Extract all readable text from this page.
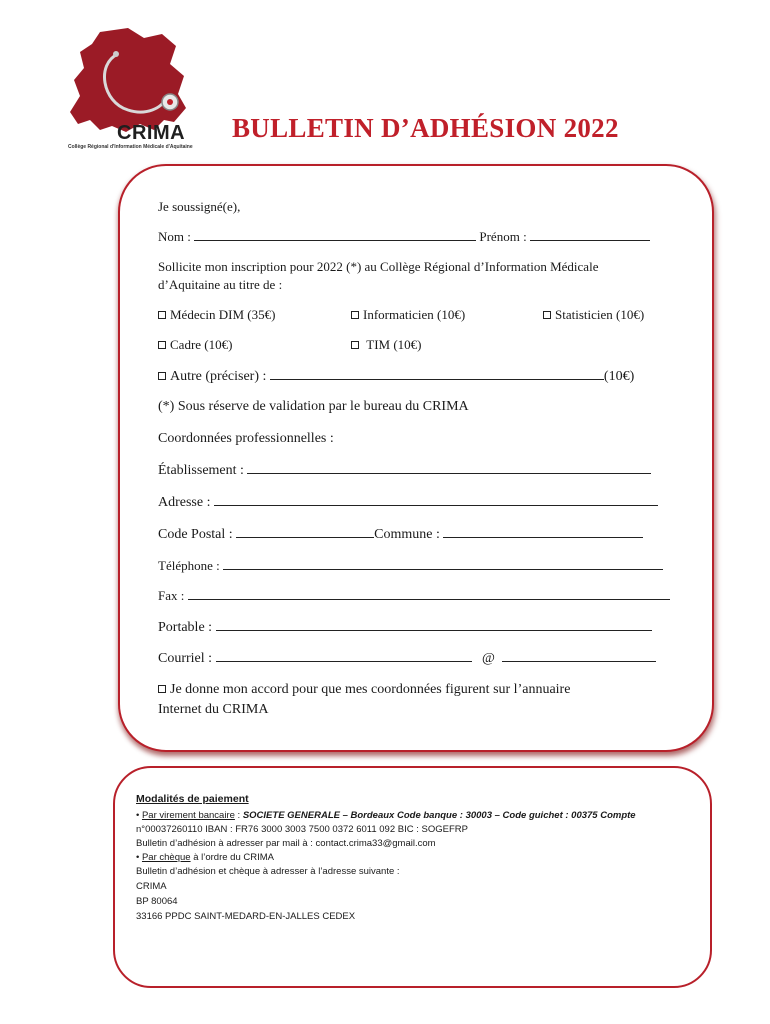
CRIMA
Collège Régional d'Information Médicale d'Aquitaine
BULLETIN D’ADHÉSION 2022
Je soussigné(e),
Nom :	Prénom :
Sollicite mon inscription pour 2022 (*) au Collège Régional d’Information Médicale
d’Aquitaine au titre de :
Médecin DIM (35€)	Informaticien (10€)	Statisticien (10€)
Cadre (10€)	TIM (10€)
Autre (préciser) :	(10€)
(*) Sous réserve de validation par le bureau du CRIMA
Coordonnées professionnelles :
Établissement :
Adresse :
Code Postal :	Commune :
Téléphone :
Fax :
Portable :
Courriel :	@
Je donne mon accord pour que mes coordonnées figurent sur l’annuaire
Internet du CRIMA
Modalités de paiement
• Par virement bancaire : SOCIETE GENERALE – Bordeaux Code banque : 30003 – Code guichet : 00375 Compte
n°00037260110 IBAN : FR76 3000 3003 7500 0372 6011 092 BIC : SOGEFRP
Bulletin d’adhésion à adresser par mail à : contact.crima33@gmail.com
• Par chèque à l’ordre du CRIMA
Bulletin d’adhésion et chèque à adresser à l’adresse suivante :
CRIMA
BP 80064
33166 PPDC SAINT-MEDARD-EN-JALLES CEDEX
